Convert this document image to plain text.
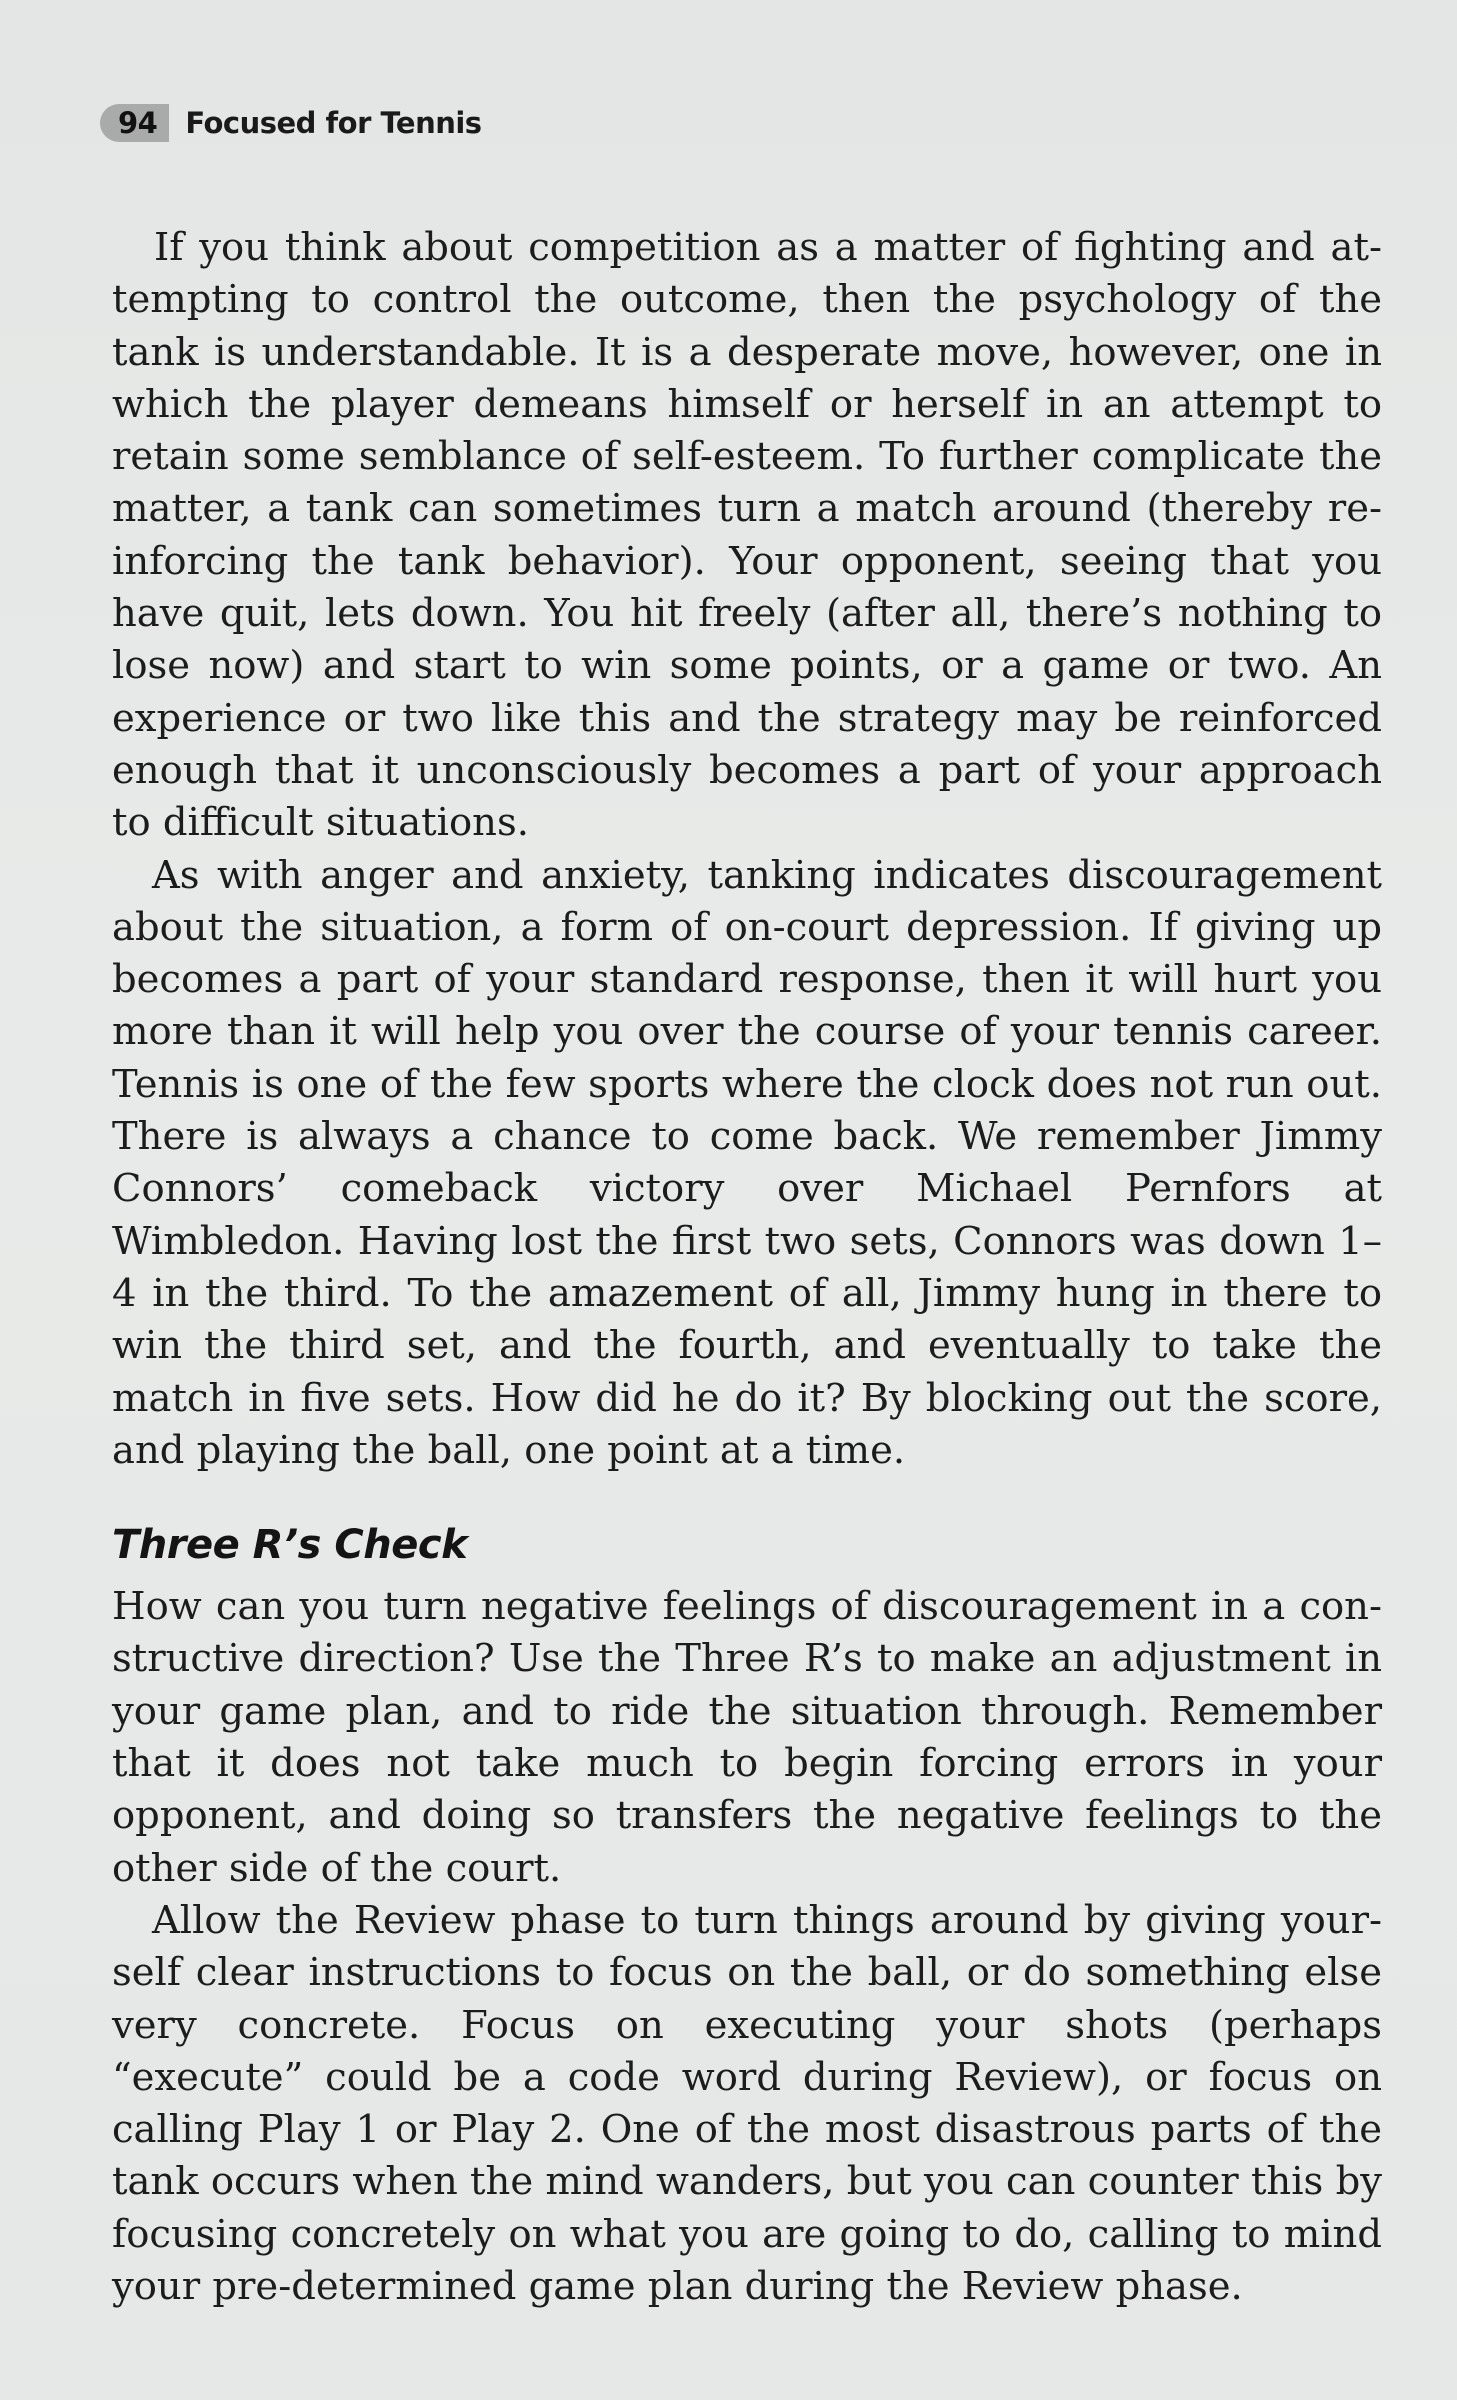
94 Focused for Tennis

If you think about competition as a matter of fighting and at-tempting to control the outcome, then the psychology of the tank is understandable. It is a desperate move, however, one in which the player demeans himself or herself in an attempt to retain some semblance of self-esteem. To further complicate the matter, a tank can sometimes turn a match around (thereby re-inforcing the tank behavior). Your opponent, seeing that you have quit, lets down. You hit freely (after all, there’s nothing to lose now) and start to win some points, or a game or two. An experience or two like this and the strategy may be reinforced enough that it unconsciously becomes a part of your approach to difficult situations.

As with anger and anxiety, tanking indicates discouragement about the situation, a form of on-court depression. If giving up becomes a part of your standard response, then it will hurt you more than it will help you over the course of your tennis career. Tennis is one of the few sports where the clock does not run out. There is always a chance to come back. We remember Jimmy Connors’ comeback victory over Michael Pernfors at Wimbledon. Having lost the first two sets, Connors was down 1–4 in the third. To the amazement of all, Jimmy hung in there to win the third set, and the fourth, and eventually to take the match in five sets. How did he do it? By blocking out the score, and playing the ball, one point at a time.

Three R’s Check

How can you turn negative feelings of discouragement in a con-structive direction? Use the Three R’s to make an adjustment in your game plan, and to ride the situation through. Remember that it does not take much to begin forcing errors in your opponent, and doing so transfers the negative feelings to the other side of the court.

Allow the Review phase to turn things around by giving your-self clear instructions to focus on the ball, or do something else very concrete. Focus on executing your shots (perhaps “execute” could be a code word during Review), or focus on calling Play 1 or Play 2. One of the most disastrous parts of the tank occurs when the mind wanders, but you can counter this by focusing concretely on what you are going to do, calling to mind your pre-determined game plan during the Review phase.
